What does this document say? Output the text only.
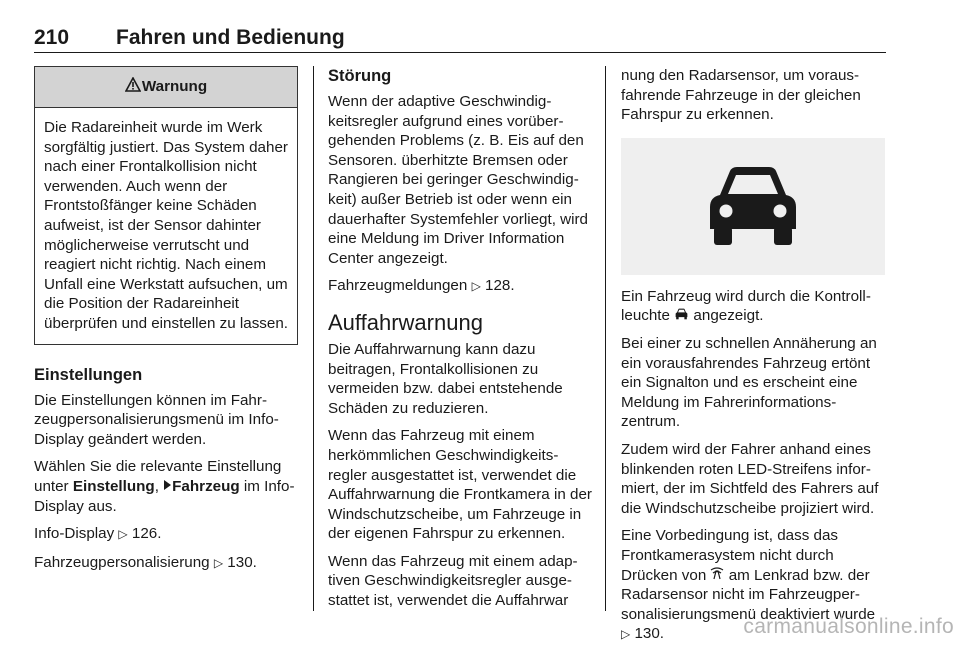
210 Fahren und Bedienung
Warnung
Die Radareinheit wurde im Werk sorgfältig justiert. Das System daher nach einer Frontalkollision nicht verwenden. Auch wenn der Frontstoßfänger keine Schäden aufweist, ist der Sensor dahinter möglicherweise verrutscht und reagiert nicht richtig. Nach einem Unfall eine Werkstatt aufsuchen, um die Position der Radareinheit überprüfen und einstellen zu lassen.
Einstellungen

Die Einstellungen können im Fahrzeugpersonalisierungsmenü im Info-Display geändert werden.

Wählen Sie die relevante Einstellung unter Einstellung, Fahrzeug im Info-Display aus.

Info-Display ▷ 126.

Fahrzeugpersonalisierung ▷ 130.

Störung

Wenn der adaptive Geschwindigkeitsregler aufgrund eines vorübergehenden Problems (z. B. Eis auf den Sensoren. überhitzte Bremsen oder Rangieren bei geringer Geschwindigkeit) außer Betrieb ist oder wenn ein dauerhafter Systemfehler vorliegt, wird eine Meldung im Driver Information Center angezeigt.

Fahrzeugmeldungen ▷ 128.

Auffahrwarnung

Die Auffahrwarnung kann dazu beitragen, Frontalkollisionen zu vermeiden bzw. dabei entstehende Schäden zu reduzieren.

Wenn das Fahrzeug mit einem herkömmlichen Geschwindigkeitsregler ausgestattet ist, verwendet die Auffahrwarnung die Frontkamera in der Windschutzscheibe, um Fahrzeuge in der eigenen Fahrspur zu erkennen.

Wenn das Fahrzeug mit einem adaptiven Geschwindigkeitsregler ausgestattet ist, verwendet die Auffahrwar

nung den Radarsensor, um vorausfahrende Fahrzeuge in der gleichen Fahrspur zu erkennen.

Ein Fahrzeug wird durch die Kontrollleuchte  angezeigt.

Bei einer zu schnellen Annäherung an ein vorausfahrendes Fahrzeug ertönt ein Signalton und es erscheint eine Meldung im Fahrerinformationszentrum.

Zudem wird der Fahrer anhand eines blinkenden roten LED-Streifens informiert, der im Sichtfeld des Fahrers auf die Windschutzscheibe projiziert wird.

Eine Vorbedingung ist, dass das Frontkamerasystem nicht durch Drücken von  am Lenkrad bzw. der Radarsensor nicht im Fahrzeugpersonalisierungsmenü deaktiviert wurde ▷ 130.	carmanualsonline.info
